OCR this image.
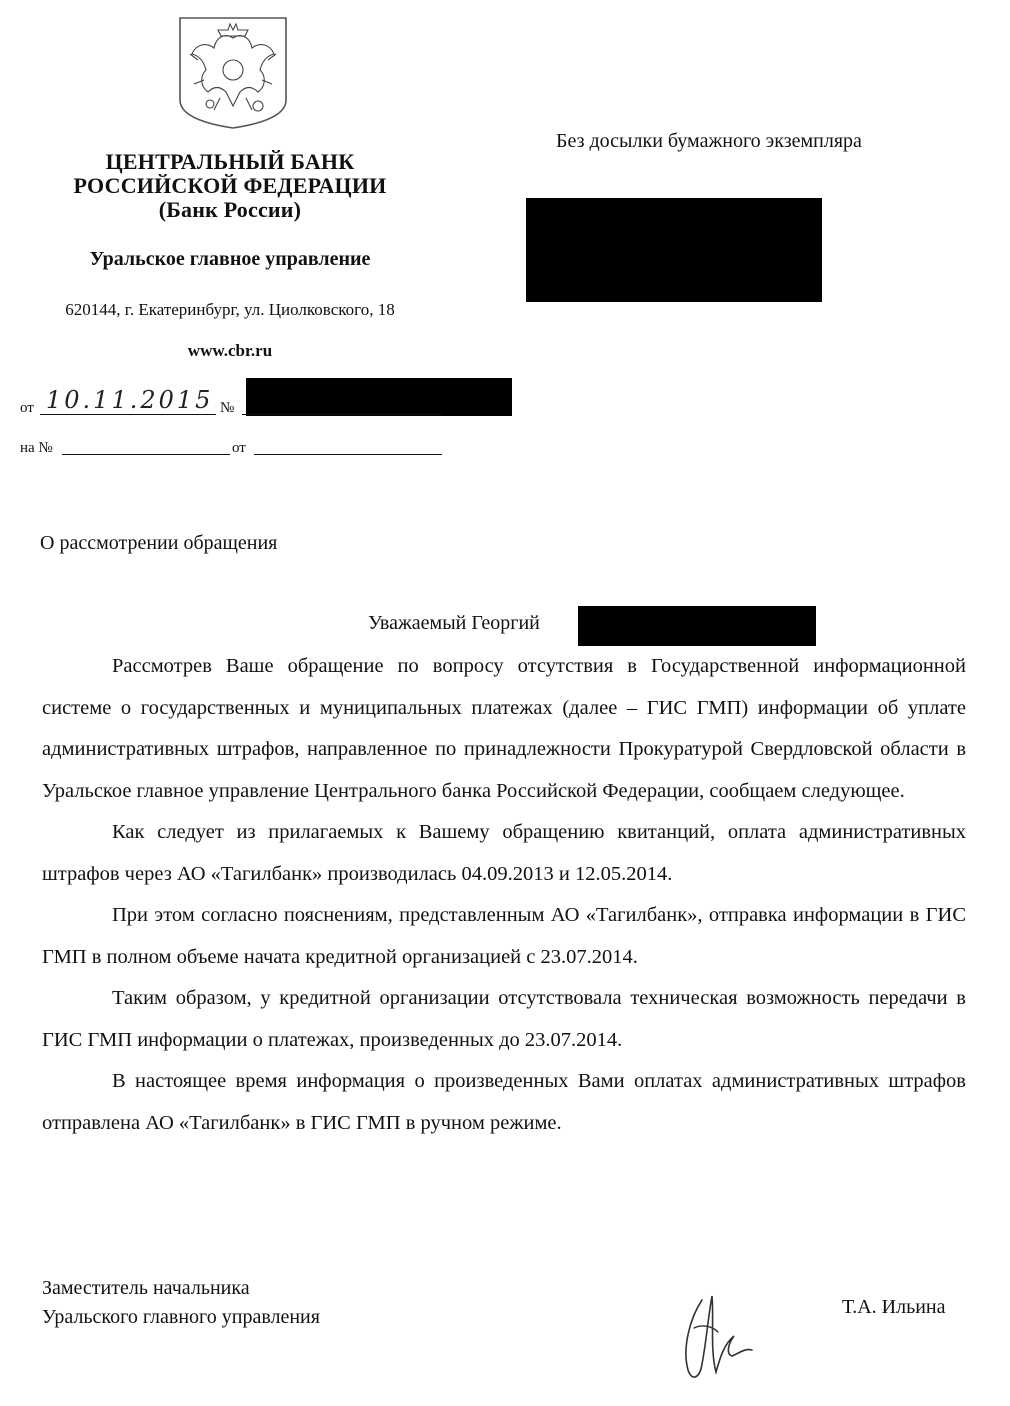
ЦЕНТРАЛЬНЫЙ БАНК
РОССИЙСКОЙ ФЕДЕРАЦИИ
(Банк России)
Уральское главное управление
620144, г. Екатеринбург, ул. Циолковского, 18
www.cbr.ru
Без досылки бумажного экземпляра
от 10.11.2015 №
на №	от
О рассмотрении обращения
Уважаемый Георгий

Рассмотрев Ваше обращение по вопросу отсутствия в Государственной информационной системе о государственных и муниципальных платежах (далее – ГИС ГМП) информации об уплате административных штрафов, направленное по принадлежности Прокуратурой Свердловской области в Уральское главное управление Центрального банка Российской Федерации, сообщаем следующее.

Как следует из прилагаемых к Вашему обращению квитанций, оплата административных штрафов через АО «Тагилбанк» производилась 04.09.2013 и 12.05.2014.

При этом согласно пояснениям, представленным АО «Тагилбанк», отправка информации в ГИС ГМП в полном объеме начата кредитной организацией с 23.07.2014.

Таким образом, у кредитной организации отсутствовала техническая возможность передачи в ГИС ГМП информации о платежах, произведенных до 23.07.2014.

В настоящее время информация о произведенных Вами оплатах административных штрафов отправлена АО «Тагилбанк» в ГИС ГМП в ручном режиме.

Заместитель начальника
Уральского главного управления	Т.А. Ильина
